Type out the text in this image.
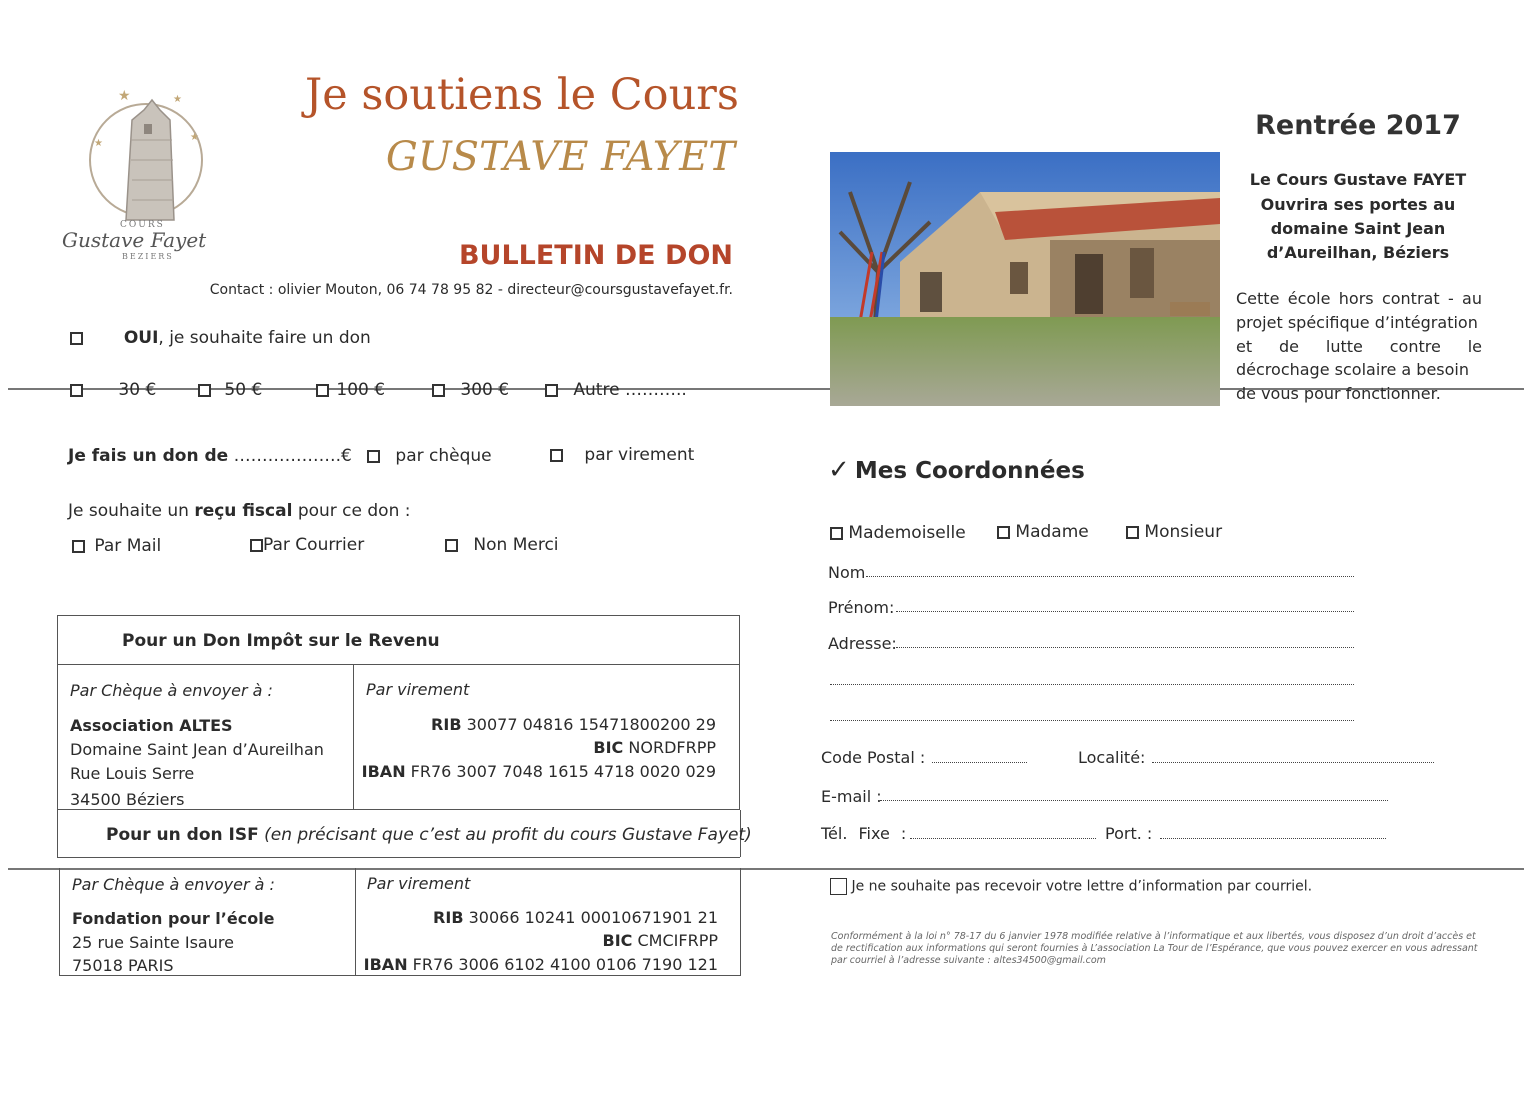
★	★
★
★
COURS
Gustave Fayet
BEZIERS
Je soutiens le Cours
GUSTAVE FAYET
BULLETIN DE DON
Contact : olivier Mouton, 06 74 78 95 82 - directeur@coursgustavefayet.fr.
OUI, je souhaite faire un don
30 €	50 €	100 €	300 €	Autre ………..
Je fais un don de ……………….€	par chèque	par virement
Je souhaite un reçu fiscal pour ce don :
Par Mail	Par Courrier	Non Merci
Pour un Don Impôt sur le Revenu
Par Chèque à envoyer à :
Association ALTES
Domaine Saint Jean d’Aureilhan
Rue Louis Serre
34500 Béziers
Par virement
RIB 30077 04816 15471800200 29
BIC NORDFRPP
IBAN FR76 3007 7048 1615 4718 0020 029
Pour un don ISF (en précisant que c’est au profit du cours Gustave Fayet)
Par Chèque à envoyer à :
Fondation pour l’école
25 rue Sainte Isaure
75018 PARIS
Par virement
RIB 30066 10241 00010671901 21
BIC CMCIFRPP
IBAN FR76 3006 6102 4100 0106 7190 121
Rentrée 2017
Le Cours Gustave FAYET
Ouvrira ses portes au
domaine Saint Jean
d’Aureilhan, Béziers
Cette école hors contrat - au
projet spécifique d’intégration
et de lutte contre le
décrochage scolaire a besoin
de vous pour fonctionner.
✓ Mes Coordonnées
Mademoiselle	Madame	Monsieur
Nom
Prénom:
Adresse:
Code Postal :	Localité:
E-mail :
Tél. Fixe :	Port. :
Je ne souhaite pas recevoir votre lettre d’information par courriel.
Conformément à la loi n° 78-17 du 6 janvier 1978 modifiée relative à l’informatique et aux libertés, vous disposez d’un droit d’accès et de rectification aux informations qui seront fournies à L’association La Tour de l’Espérance, que vous pouvez exercer en vous adressant par courriel à l’adresse suivante : altes34500@gmail.com
